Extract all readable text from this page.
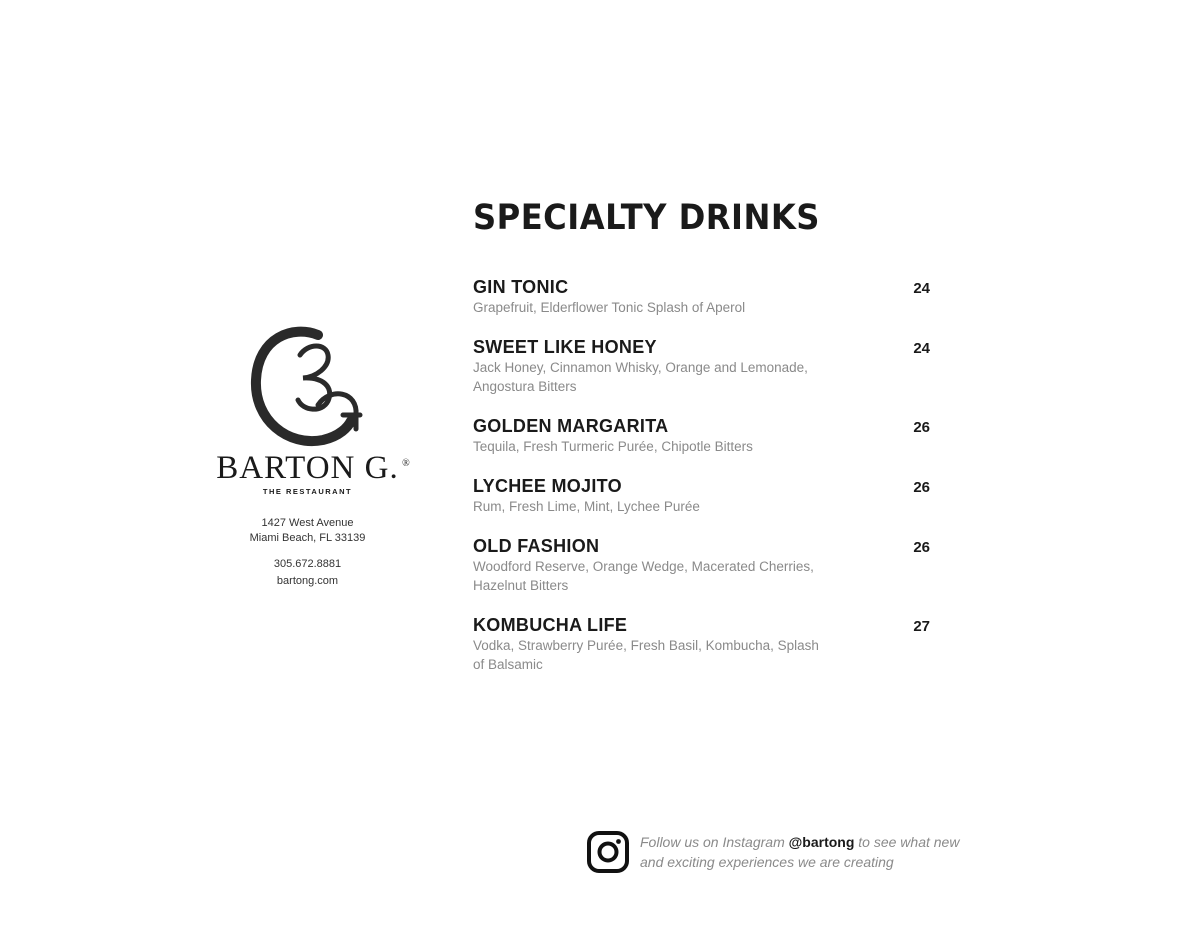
BARTON G. ®
THE RESTAURANT
1427 West Avenue
Miami Beach, FL 33139
305.672.8881
bartong.com
SPECIALTY DRINKS
GIN TONIC
Grapefruit, Elderflower Tonic Splash of Aperol
24
SWEET LIKE HONEY
Jack Honey, Cinnamon Whisky, Orange and Lemonade, Angostura Bitters
24
GOLDEN MARGARITA
Tequila, Fresh Turmeric Purée, Chipotle Bitters
26
LYCHEE MOJITO
Rum, Fresh Lime, Mint, Lychee Purée
26
OLD FASHION
Woodford Reserve, Orange Wedge, Macerated Cherries, Hazelnut Bitters
26
KOMBUCHA LIFE
Vodka, Strawberry Purée, Fresh Basil, Kombucha, Splash of Balsamic
27
Follow us on Instagram @bartong to see what new
and exciting experiences we are creating
